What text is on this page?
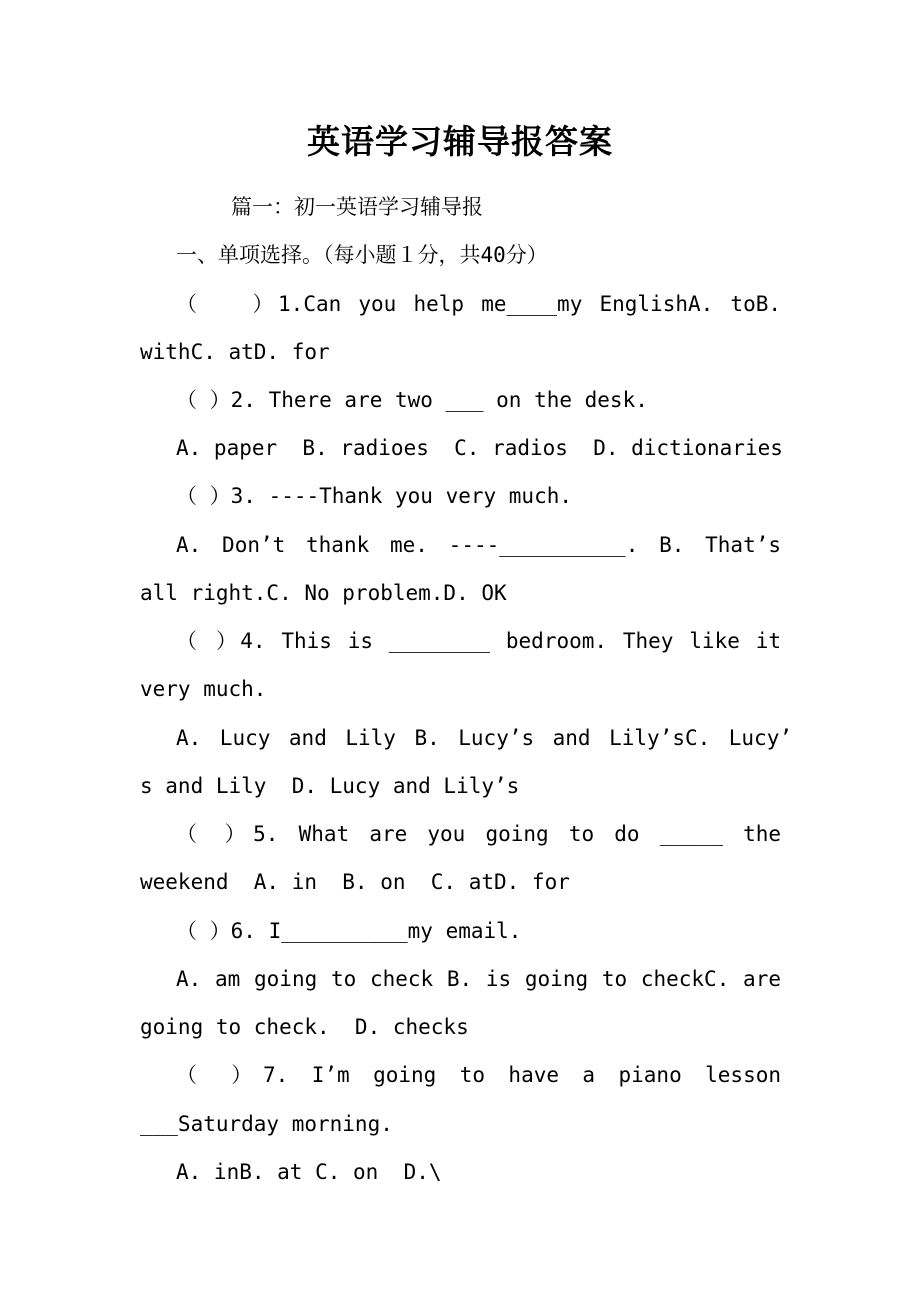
英语学习辅导报答案
篇一：初一英语学习辅导报
一、单项选择。（每小题１分，共40分）
（　　）1.Can you help me____my EnglishA. toB.
withC. atD. for
（ ）2. There are two ___ on the desk.
A. paper  B. radioes  C. radios  D. dictionaries
（ ）3. ----Thank you very much.
A. Don’t thank me. ----__________. B. That’s
all right.C. No problem.D. OK
（ ）4. This is ________ bedroom. They like it
very much.
A. Lucy and Lily B. Lucy’s and Lily’sC. Lucy’
s and Lily  D. Lucy and Lily’s
（ ）5. What are you going to do _____ the
weekend  A. in  B. on  C. atD. for
（ ）6. I__________my email.
A. am going to check B. is going to checkC. are
going to check.  D. checks
（ ）7. I’m going to have a piano lesson
___Saturday morning.
A. inB. at C. on  D.\
